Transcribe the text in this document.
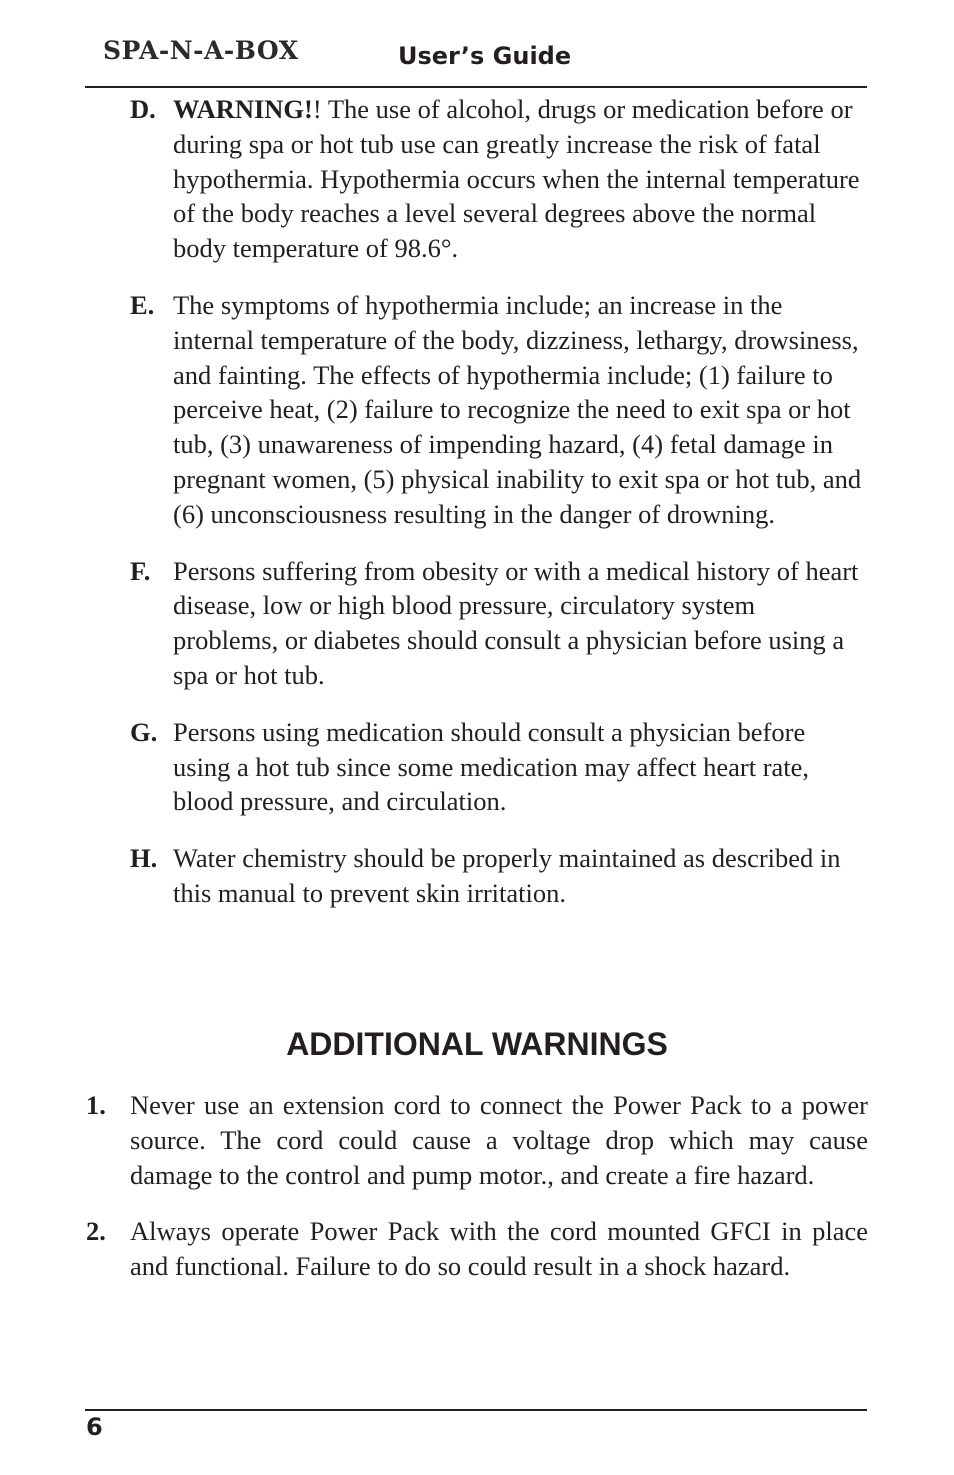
SPA-N-A-BOX	User’s Guide
D. WARNING!! The use of alcohol, drugs or medication before or during spa or hot tub use can greatly increase the risk of fatal hypothermia. Hypothermia occurs when the internal temperature of the body reaches a level several degrees above the normal body temperature of 98.6°.
E. The symptoms of hypothermia include; an increase in the internal temperature of the body, dizziness, lethargy, drowsiness, and fainting. The effects of hypothermia include; (1) failure to perceive heat, (2) failure to recognize the need to exit spa or hot tub, (3) unawareness of impending hazard, (4) fetal damage in pregnant women, (5) physical inability to exit spa or hot tub, and (6) unconsciousness resulting in the danger of drowning.
F. Persons suffering from obesity or with a medical history of heart disease, low or high blood pressure, circulatory system problems, or diabetes should consult a physician before using a spa or hot tub.
G. Persons using medication should consult a physician before using a hot tub since some medication may affect heart rate, blood pressure, and circulation.
H. Water chemistry should be properly maintained as described in this manual to prevent skin irritation.
ADDITIONAL WARNINGS
1. Never use an extension cord to connect the Power Pack to a power source. The cord could cause a voltage drop which may cause damage to the control and pump motor., and create a fire hazard.
2. Always operate Power Pack with the cord mounted GFCI in place and functional. Failure to do so could result in a shock hazard.
6
